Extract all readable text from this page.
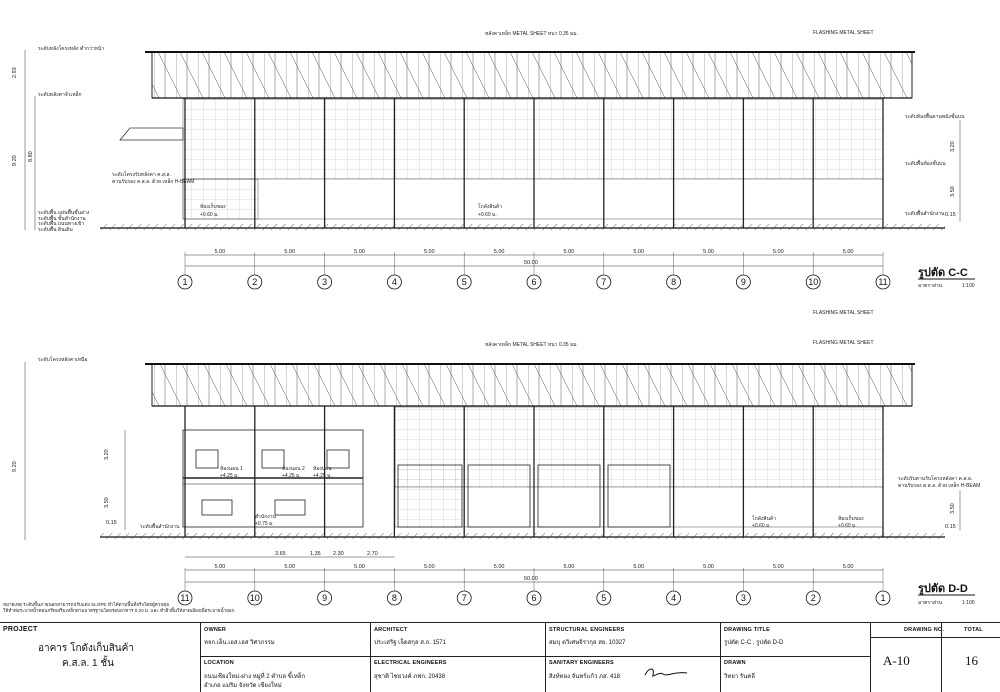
หลังคาเหล็ก METAL SHEET หนา 0.35 มม.	FLASHING METAL SHEET
FLASHING METAL SHEET
หลังคาเหล็ก METAL SHEET หนา 0.35 มม.	FLASHING METAL SHEET
ระดับหลังโครงหลัง ต่ำกว่าหน้า
ระดับหลังคาจั่วเหล็ก
ระดับโครงหลังคาเหนือ
ระดับพื้น แผ่นพื้นชั้นล่าง
ระดับพื้น ชั้นสำนักงาน
ระดับพื้น ถนนทางเข้า
ระดับพื้น ดินเดิม
ระดับพื้นสำนักงาน
ระดับโครงรับหลังคา ค.ส.ล.
คานรับรอง ค.ส.ล. ด้วย เหล็ก H-BEAM
ระดับท้องพื้นคานพนังชั้นบน
ระดับพื้นห้องชั้นบน
ระดับพื้นสำนักงาน
ระดับรับคานรับโครงหลังคา ค.ส.ล.
คานรับรอง ค.ส.ล. ด้วย เหล็ก H-BEAM
ห้องเก็บของ
+0.60 ม.
โกดังสินค้า
+0.60 ม.
ห้องนอน 1
+4.25 ม.
ห้องนอน 2
+4.25 ม.
ห้องนอน
+4.25 ม.
สำนักงาน
+0.75 ม.
โกดังสินค้า
+0.60 ม.
ห้องเก็บของ
+0.60 ม.
2.93
8.80
9.20
9.20
3.20
3.50
0.15
3.20
3.50
0.15
3.50
0.15
50.00
50.00
3.65	1.35 2.30	2.70
5.00
5.00
5.00
5.00
5.00
5.00
5.00
5.00
5.00
5.00
5.00
5.00
5.00
5.00
5.00
5.00
5.00
5.00
5.00
5.00
1
11
2
10
3
9
4
8
5
7
6
6
7
5
8
4
9
3
10
2
11
1
รูปตัด C-C
มาตราส่วน	1:100
รูปตัด D-D
มาตราส่วน	1:100
หมายเหตุ ระดับพื้นภายนอกสามารถปรับแต่ง SLOPE ทำได้ตามพื้นที่จริงโดยผู้ควบคุม
ให้ทำท่อระบายน้ำคอนกรีตเสริมเหล็กตามมาตรฐานโดยรอบอาคาร 0.20 ม. และ ทำผิวพื้นให้ลาดเอียงเพื่อระบายน้ำออก
PROJECT
อาคาร โกดังเก็บสินค้า
ค.ส.ล. 1 ชั้น
OWNER
หจก.เอ็น.เอส.เอส วิศวกรรม
LOCATION
ถนนเชียงใหม่-ฝาง หมู่ที่ 2 ตำบล ขี้เหล็ก
อำเภอ แม่ริม จังหวัด เชียงใหม่
ARCHITECT
ประเสริฐ เจ็ดสกุล ส.ถ. 1571
ELECTRICAL ENGINEERS
สุชาติ ไชยวงค์ ภฟก. 20438
STRUCTURAL ENGINEERS
สมบุ ตวิเศษจิรากุล สย. 10327
SANITARY ENGINEERS
สิงห์ทอง จันทร์แก้ว ภส. 418
DRAWING TITLE
รูปตัด C-C , รูปตัด D-D
DRAWN
วิทยา รันคลี
DRAWING NO.	TOTAL
A-10	16
